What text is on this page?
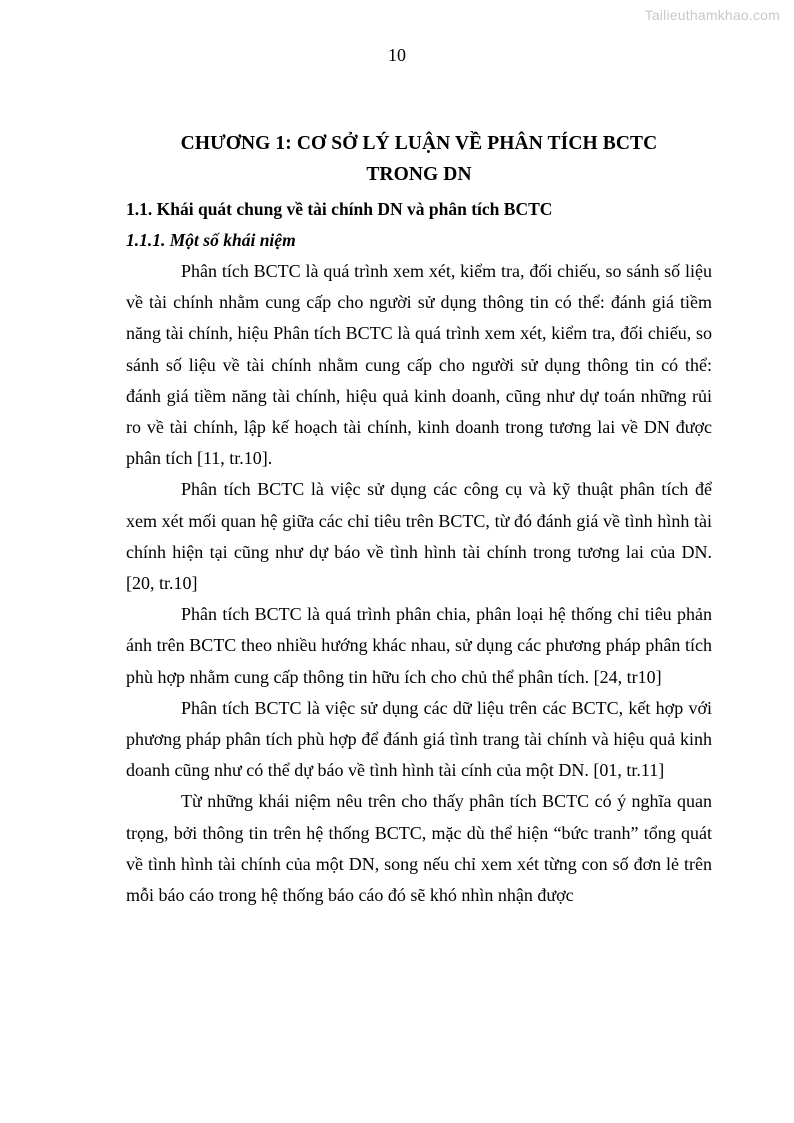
Tailieuthamkhao.com
10
CHƯƠNG 1: CƠ SỞ LÝ LUẬN VỀ PHÂN TÍCH BCTC
TRONG DN
1.1. Khái quát chung về tài chính DN và phân tích BCTC
1.1.1. Một số khái niệm

Phân tích BCTC là quá trình xem xét, kiểm tra, đối chiếu, so sánh số liệu về tài chính nhằm cung cấp cho người sử dụng thông tin có thể: đánh giá tiềm năng tài chính, hiệu Phân tích BCTC là quá trình xem xét, kiểm tra, đối chiếu, so sánh số liệu về tài chính nhằm cung cấp cho người sử dụng thông tin có thể: đánh giá tiềm năng tài chính, hiệu quả kinh doanh, cũng như dự toán những rủi ro về tài chính, lập kế hoạch tài chính, kinh doanh trong tương lai về DN được phân tích [11, tr.10].

Phân tích BCTC là việc sử dụng các công cụ và kỹ thuật phân tích để xem xét mối quan hệ giữa các chỉ tiêu trên BCTC, từ đó đánh giá về tình hình tài chính hiện tại cũng như dự báo về tình hình tài chính trong tương lai của DN. [20, tr.10]

Phân tích BCTC là quá trình phân chia, phân loại hệ thống chỉ tiêu phản ánh trên BCTC theo nhiều hướng khác nhau, sử dụng các phương pháp phân tích phù hợp nhằm cung cấp thông tin hữu ích cho chủ thể phân tích. [24, tr10]

Phân tích BCTC là việc sử dụng các dữ liệu trên các BCTC, kết hợp với phương pháp phân tích phù hợp để đánh giá tình trang tài chính và hiệu quả kinh doanh cũng như có thể dự báo về tình hình tài cính của một DN. [01, tr.11]

Từ những khái niệm nêu trên cho thấy phân tích BCTC có ý nghĩa quan trọng, bởi thông tin trên hệ thống BCTC, mặc dù thể hiện “bức tranh” tổng quát về tình hình tài chính của một DN, song nếu chỉ xem xét từng con số đơn lẻ trên mỗi báo cáo trong hệ thống báo cáo đó sẽ khó nhìn nhận được
